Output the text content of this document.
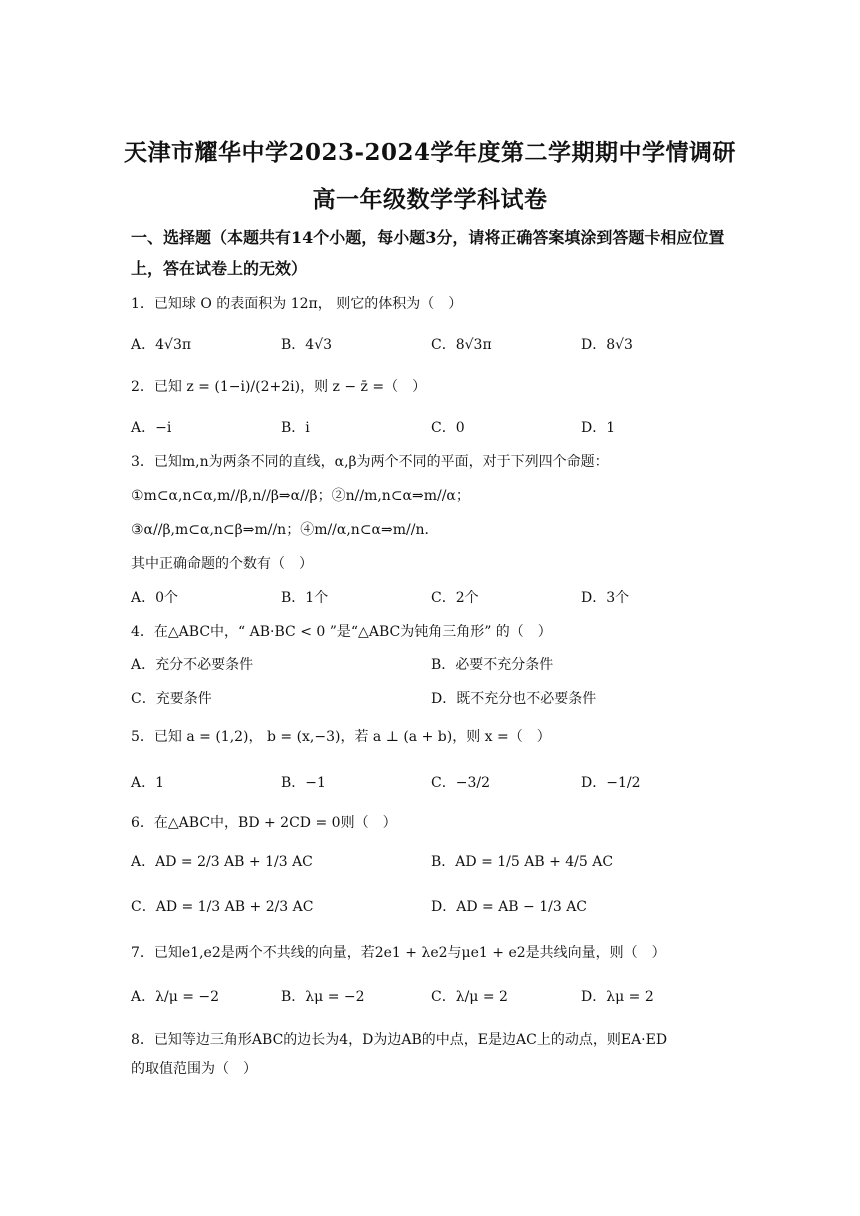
天津市耀华中学2023-2024学年度第二学期期中学情调研
高一年级数学学科试卷
一、选择题（本题共有14个小题，每小题3分，请将正确答案填涂到答题卡相应位置上，答在试卷上的无效）
1．已知球 O 的表面积为 12π， 则它的体积为（　）
A．4√3π	B．4√3	C．8√3π	D．8√3
2．已知 z = (1−i)/(2+2i)，则 z − z̄ =（　）
A．−i	B．i	C．0	D．1
3．已知m,n为两条不同的直线，α,β为两个不同的平面，对于下列四个命题：
①m⊂α,n⊂α,m//β,n//β⇒α//β；②n//m,n⊂α⇒m//α；
③α//β,m⊂α,n⊂β⇒m//n；④m//α,n⊂α⇒m//n．
其中正确命题的个数有（　）
A．0个	B．1个	C．2个	D．3个
4．在△ABC中，“ AB·BC < 0 ”是“△ABC为钝角三角形” 的（　）
A．充分不必要条件	B．必要不充分条件
C．充要条件	D．既不充分也不必要条件
5．已知 a = (1,2)， b = (x,−3)，若 a ⊥ (a + b)，则 x =（　）
A．1	B．−1	C．−3/2	D．−1/2
6．在△ABC中，BD + 2CD = 0则（　）
A．AD = 2/3 AB + 1/3 AC	B．AD = 1/5 AB + 4/5 AC
C．AD = 1/3 AB + 2/3 AC	D．AD = AB − 1/3 AC
7．已知e1,e2是两个不共线的向量，若2e1 + λe2与μe1 + e2是共线向量，则（　）
A．λ/μ = −2	B．λμ = −2	C．λ/μ = 2	D．λμ = 2
8．已知等边三角形ABC的边长为4，D为边AB的中点，E是边AC上的动点，则EA·ED
的取值范围为（　）
